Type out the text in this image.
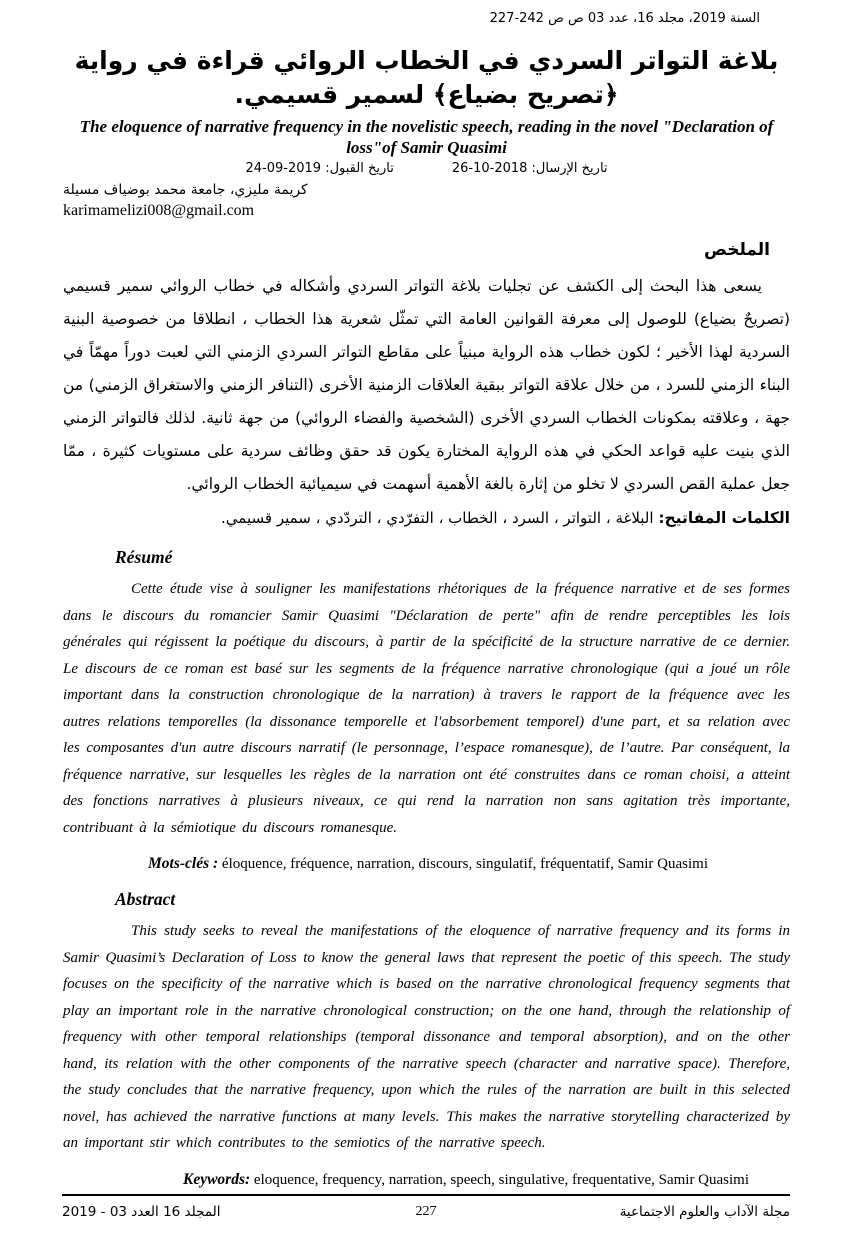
السنة 2019، مجلد 16، عدد 03 ص ص 242-227
بلاغة التواتر السردي في الخطاب الروائي قراءة في رواية ﴿تصريح بضياع﴾ لسمير قسيمي.
The eloquence of narrative frequency in the novelistic speech, reading in the novel "Declaration of loss"of Samir Quasimi
تاريخ الإرسال: 2018-10-26
تاريخ القبول: 2019-09-24
كريمة مليزي، جامعة محمد بوضياف مسيلة
karimamelizi008@gmail.com
الملخص

يسعى هذا البحث إلى الكشف عن تجليات بلاغة التواتر السردي وأشكاله في خطاب الروائي سمير قسيمي (تصريحٌ بضياع) للوصول إلى معرفة القوانين العامة التي تمثّل شعرية هذا الخطاب ، انطلاقا من خصوصية البنية السردية لهذا الأخير ؛ لكون خطاب هذه الرواية مبنياً على مقاطع التواتر السردي الزمني التي لعبت دوراً مهمّاً في البناء الزمني للسرد ، من خلال علاقة التواتر ببقية العلاقات الزمنية الأخرى (التنافر الزمني والاستغراق الزمني) من جهة ، وعلاقته بمكونات الخطاب السردي الأخرى (الشخصية والفضاء الروائي) من جهة ثانية. لذلك فالتواتر الزمني الذي بنيت عليه قواعد الحكي في هذه الرواية المختارة يكون قد حقق وظائف سردية على مستويات كثيرة ، ممّا جعل عملية القص السردي لا تخلو من إثارة بالغة الأهمية أسهمت في سيميائية الخطاب الروائي.

الكلمات المفاتيح: البلاغة ، التواتر ، السرد ، الخطاب ، التفرّدي ، التردّدي ، سمير قسيمي.

Résumé

Cette étude vise à souligner les manifestations rhétoriques de la fréquence narrative et de ses formes dans le discours du romancier Samir Quasimi "Déclaration de perte" afin de rendre perceptibles les lois générales qui régissent la poétique du discours, à partir de la spécificité de la structure narrative de ce dernier. Le discours de ce roman est basé sur les segments de la fréquence narrative chronologique (qui a joué un rôle important dans la construction chronologique de la narration) à travers le rapport de la fréquence avec les autres relations temporelles (la dissonance temporelle et l'absorbement temporel) d'une part, et sa relation avec les composantes d'un autre discours narratif (le personnage, l’espace romanesque), de l’autre. Par conséquent, la fréquence narrative, sur lesquelles les règles de la narration ont été construites dans ce roman choisi, a atteint des fonctions narratives à plusieurs niveaux, ce qui rend la narration non sans agitation très importante, contribuant à la sémiotique du discours romanesque.

Mots-clés : éloquence, fréquence, narration, discours, singulatif, fréquentatif, Samir Quasimi

Abstract

This study seeks to reveal the manifestations of the eloquence of narrative frequency and its forms in Samir Quasimi’s Declaration of Loss to know the general laws that represent the poetic of this speech. The study focuses on the specificity of the narrative which is based on the narrative chronological frequency segments that play an important role in the narrative chronological construction; on the one hand, through the relationship of frequency with other temporal relationships (temporal dissonance and temporal absorption), and on the other hand, its relation with the other components of the narrative speech (character and narrative space). Therefore, the study concludes that the narrative frequency, upon which the rules of the narration are built in this selected novel, has achieved the narrative functions at many levels. This makes the narrative storytelling characterized by an important stir which contributes to the semiotics of the narrative speech.

Keywords: eloquence, frequency, narration, speech, singulative, frequentative, Samir Quasimi

227
المجلد 16 العدد 03 - 2019	مجلة الآداب والعلوم الاجتماعية
